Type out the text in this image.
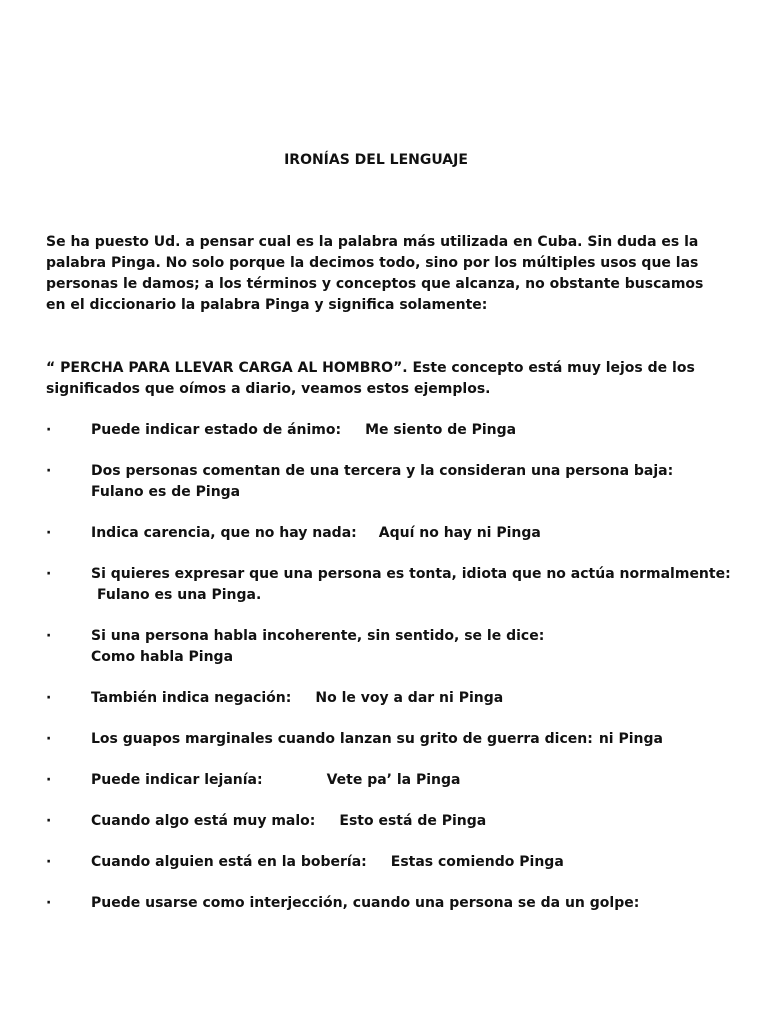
IRONÍAS DEL LENGUAJE
Se ha puesto Ud. a pensar cual es la palabra más utilizada en Cuba. Sin duda es la palabra Pinga. No solo porque la decimos todo, sino por los múltiples usos que las personas le damos; a los términos y conceptos que alcanza, no obstante buscamos en el diccionario la palabra Pinga y significa solamente:
“ PERCHA PARA LLEVAR CARGA AL HOMBRO”. Este concepto está muy lejos de los significados que oímos a diario, veamos estos ejemplos.
·	Puede indicar estado de ánimo: Me siento de Pinga
·	Dos personas comentan de una tercera y la consideran una persona baja:
Fulano es de Pinga
·	Indica carencia, que no hay nada: Aquí no hay ni Pinga
·	Si quieres expresar que una persona es tonta, idiota que no actúa normalmente:Fulano es una Pinga.
·	Si una persona habla incoherente, sin sentido, se le dice:
Como habla Pinga
·	También indica negación: No le voy a dar ni Pinga
·	Los guapos marginales cuando lanzan su grito de guerra dicen: ni Pinga
·	Puede indicar lejanía:	Vete pa’ la Pinga
·	Cuando algo está muy malo: Esto está de Pinga
·	Cuando alguien está en la bobería: Estas comiendo Pinga
·	Puede usarse como interjección, cuando una persona se da un golpe:
